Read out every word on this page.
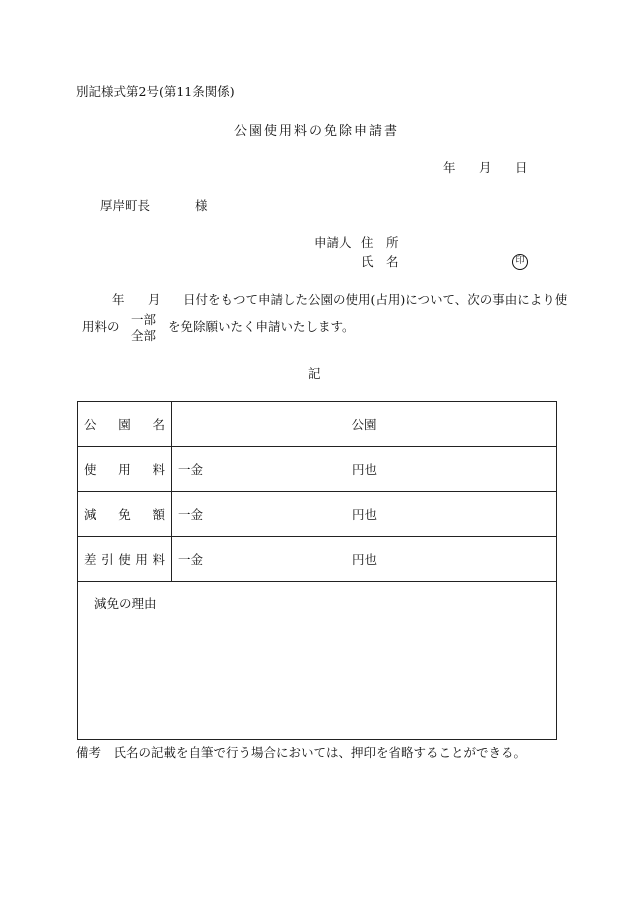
別記様式第2号(第11条関係)
公園使用料の免除申請書
年 月 日
厚岸町長	様
申請人 住　所
氏　名	印
年 月 日付をもつて申請した公園の使用(占用)について、次の事由により使
用料の 一部
全部
を免除願いたく申請いたします。
記
公 園 名	公園

使 用 料	一金 円也

減 免 額	一金 円也

差 引 使 用 料	一金 円也

減免の理由	
備考　氏名の記載を自筆で行う場合においては、押印を省略することができる。
